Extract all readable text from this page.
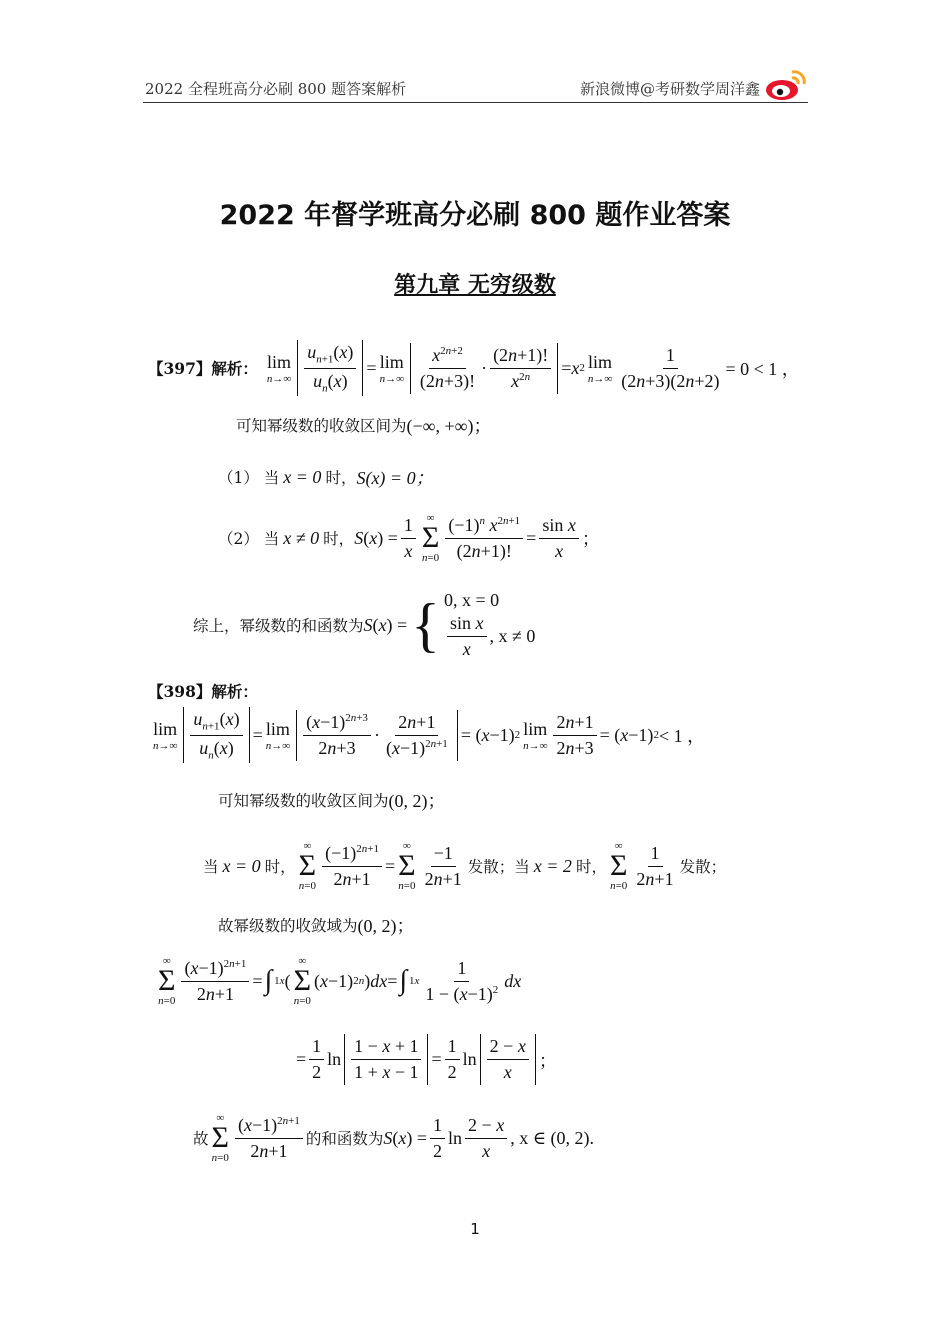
2022 全程班高分必刷 800 题答案解析	新浪微博@考研数学周洋鑫
2022 年督学班高分必刷 800 题作业答案
第九章 无穷级数
【397】解析： lim
$n\to\infty \frac{u_{n+1}(x)}{u_n(x)} = \lim$
$n\to\infty \frac{x^{2n+2}}{(2n+3)!} \cdot \frac{(2n+1)!}{x^{2n}} = x$ 2 lim
$n\to\infty \frac{1}{(2n+3)(2n+2)} = 0 < 1$ ，
可知幂级数的收敛区间为 (−∞, +∞)；
（1） 当 x = 0 时， S(x) = 0；
（2） 当 x ≠ 0 时， S ( x ) = $\frac{1}{x}$ ∞
Σ
$n=0 \frac{(-1)^n x^{2n+1}}{(2n+1)!} = \frac{\text{sin x}}{x}$ ；
综上，幂级数的和函数为 S ( x ) = { 0, x = 0
$\frac{\text{sin x}}{x}$ , x ≠ 0
【398】解析：
lim
$n\to\infty \frac{u_{n+1}(x)}{u_n(x)} = \lim$
$n\to\infty \frac{(x-1)^{2n+3}}{2n+3} \cdot \frac{2n+1}{(x-1)^{2n+1}}$ = ( x −1) 2 lim
$n\to\infty \frac{2n+1}{2n+3}$ = ( x −1) 2 < 1 ，
可知幂级数的收敛区间为 (0, 2)；
当 x = 0 时，
∞
Σ
$n=0 \frac{(-1)^{2n+1}}{2n+1}$ =
∞
Σ
$n=0 \frac{-1}{2n+1}$ 发散；当 x = 2 时，
∞
Σ
$n=0 \frac{1}{2n+1}$ 发散；
故幂级数的收敛域为 (0, 2)；
∞
Σ
$n=0 \frac{(x-1)^{2n+1}}{2n+1}$ = ∫ 1 x (
∞
Σ
n=0
( x −1) 2n ) dx = ∫ 1 x $\frac{1}{1 - (x-1)^2}$ dx
= $\frac{1}{2}$ $\ln \frac{1 - x + 1}{1 + x - 1} = \frac{1}{2}$ $\ln \frac{2 - x}{x}$ ；
故
∞
Σ
$n=0 \frac{(x-1)^{2n+1}}{2n+1}$ 的和函数为 S ( x ) = $\frac{1}{2}$ $\ln \frac{2 - x}{x}$ , x ∈ (0, 2).
1
